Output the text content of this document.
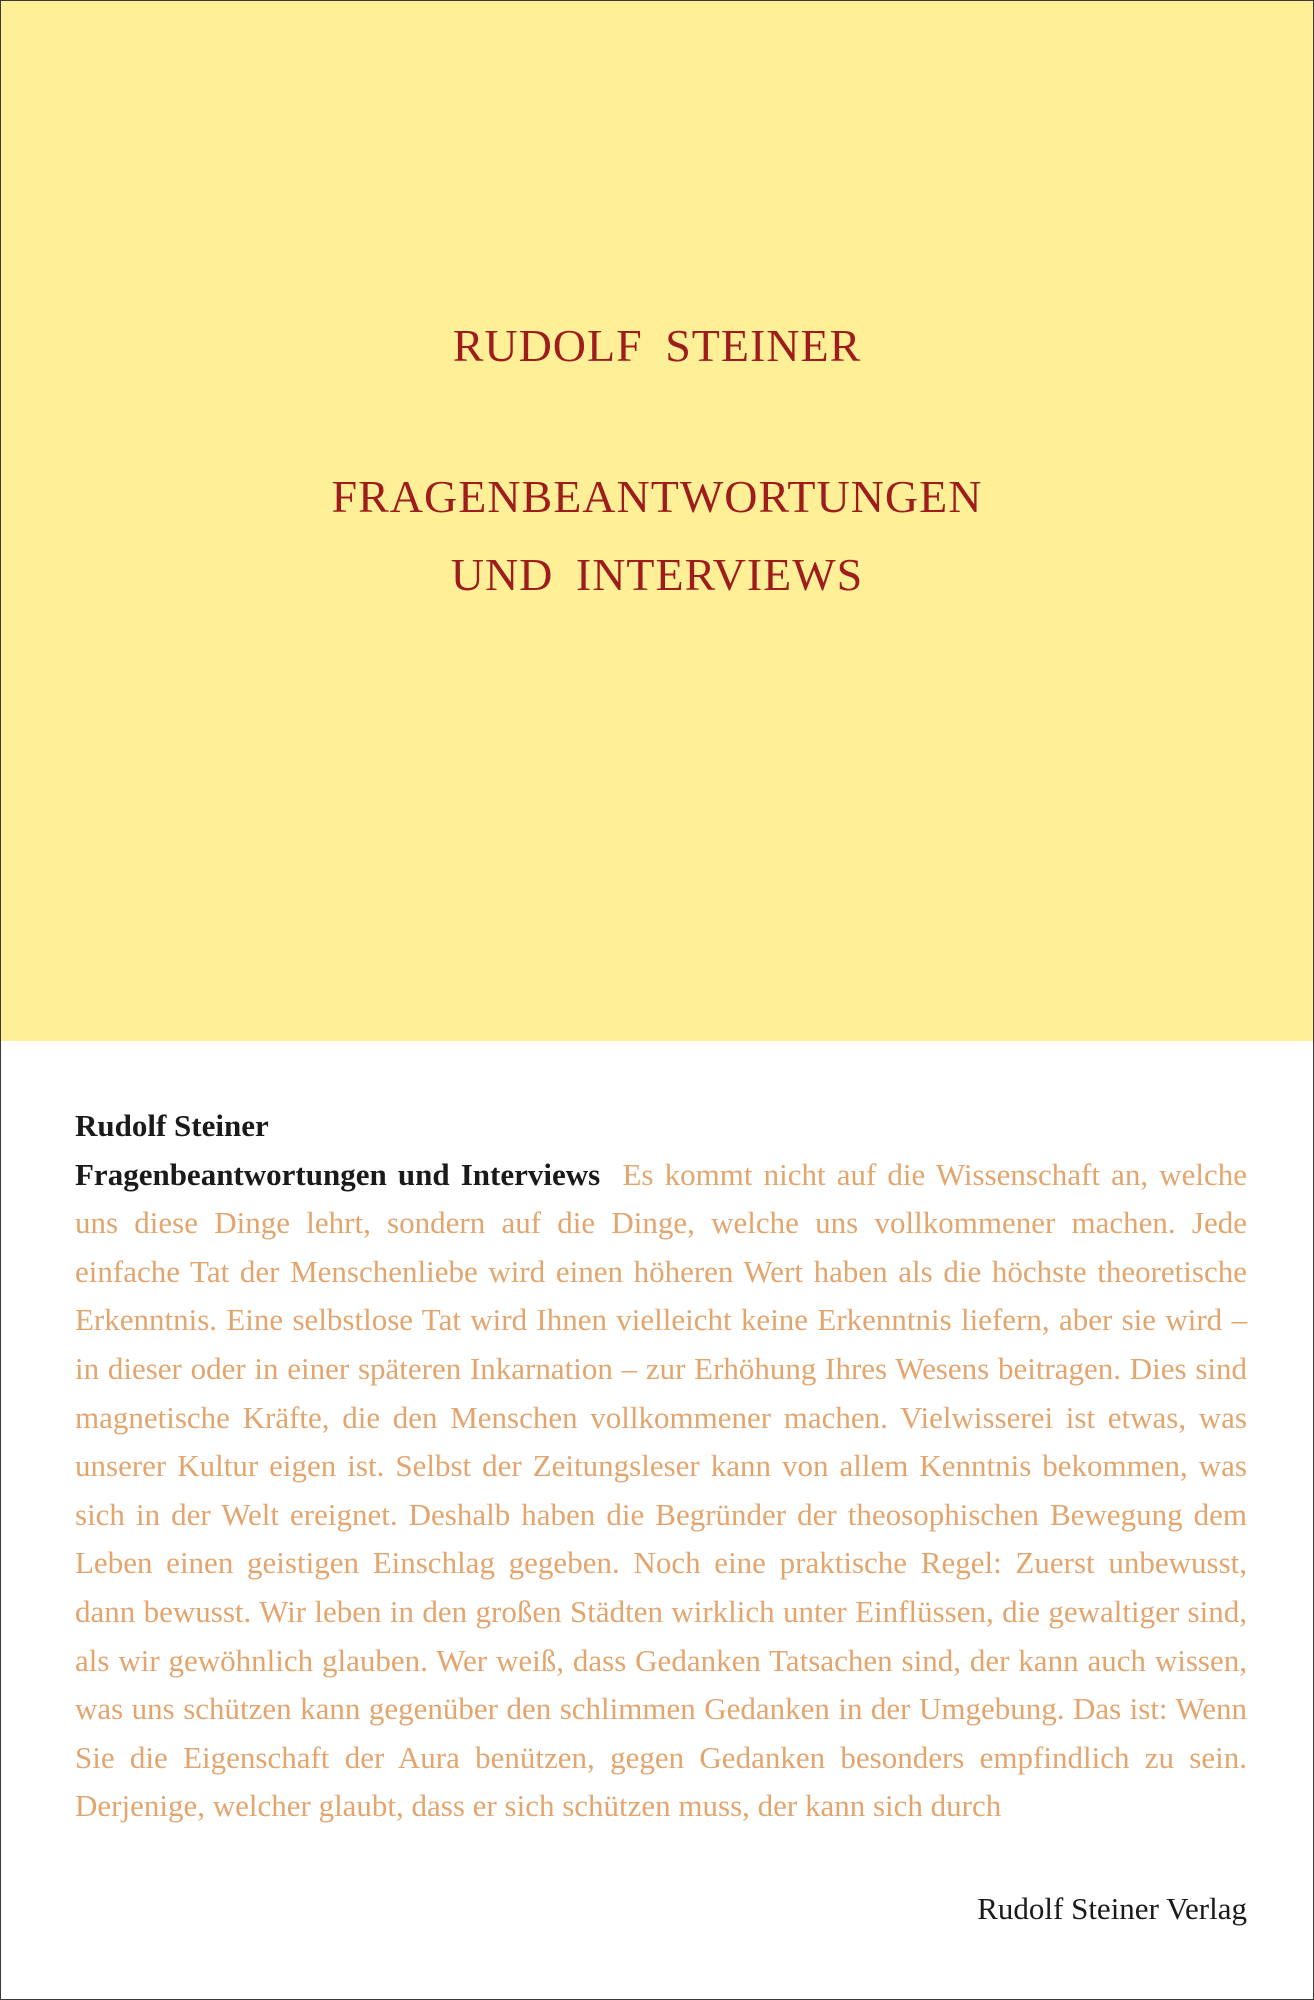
RUDOLF STEINER
FRAGENBEANTWORTUNGEN
UND INTERVIEWS
Rudolf Steiner
Fragenbeantwortungen und Interviews Es kommt nicht auf die Wissenschaft an, welche uns diese Dinge lehrt, sondern auf die Dinge, welche uns vollkommener machen. Jede einfache Tat der Menschenliebe wird einen höheren Wert haben als die höchste theoretische Erkenntnis. Eine selbstlose Tat wird Ihnen vielleicht keine Erkenntnis liefern, aber sie wird – in dieser oder in einer späteren Inkarnation – zur Erhöhung Ihres Wesens beitragen. Dies sind magnetische Kräfte, die den Menschen vollkommener machen. Vielwisserei ist etwas, was unserer Kultur eigen ist. Selbst der Zeitungsleser kann von allem Kenntnis bekommen, was sich in der Welt ereignet. Deshalb haben die Begründer der theosophischen Bewegung dem Leben einen geistigen Einschlag gegeben. Noch eine praktische Regel: Zuerst unbewusst, dann bewusst. Wir leben in den großen Städten wirklich unter Einflüssen, die gewaltiger sind, als wir gewöhnlich glauben. Wer weiß, dass Gedanken Tatsachen sind, der kann auch wissen, was uns schützen kann gegenüber den schlimmen Gedanken in der Umgebung. Das ist: Wenn Sie die Eigenschaft der Aura benützen, gegen Gedanken besonders empfindlich zu sein. Derjenige, welcher glaubt, dass er sich schützen muss, der kann sich durch
Rudolf Steiner Verlag
